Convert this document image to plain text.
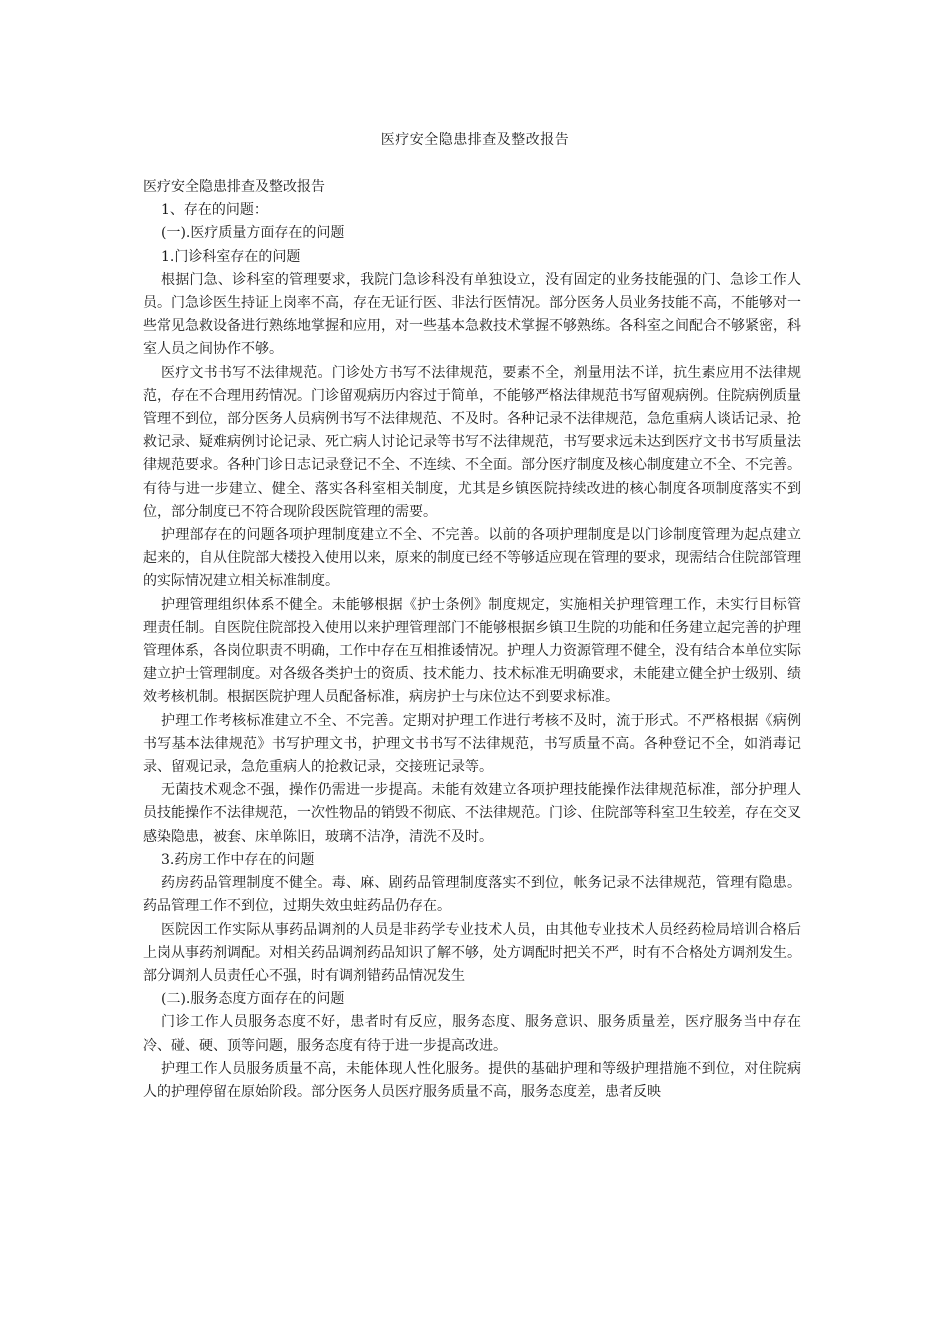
医疗安全隐患排查及整改报告

医疗安全隐患排查及整改报告

1、存在的问题：

(一).医疗质量方面存在的问题

1.门诊科室存在的问题

根据门急、诊科室的管理要求，我院门急诊科没有单独设立，没有固定的业务技能强的门、急诊工作人员。门急诊医生持证上岗率不高，存在无证行医、非法行医情况。部分医务人员业务技能不高，不能够对一些常见急救设备进行熟练地掌握和应用，对一些基本急救技术掌握不够熟练。各科室之间配合不够紧密，科室人员之间协作不够。

医疗文书书写不法律规范。门诊处方书写不法律规范，要素不全，剂量用法不详，抗生素应用不法律规范，存在不合理用药情况。门诊留观病历内容过于简单，不能够严格法律规范书写留观病例。住院病例质量管理不到位，部分医务人员病例书写不法律规范、不及时。各种记录不法律规范，急危重病人谈话记录、抢救记录、疑难病例讨论记录、死亡病人讨论记录等书写不法律规范，书写要求远未达到医疗文书书写质量法律规范要求。各种门诊日志记录登记不全、不连续、不全面。部分医疗制度及核心制度建立不全、不完善。有待与进一步建立、健全、落实各科室相关制度，尤其是乡镇医院持续改进的核心制度各项制度落实不到位，部分制度已不符合现阶段医院管理的需要。

护理部存在的问题各项护理制度建立不全、不完善。以前的各项护理制度是以门诊制度管理为起点建立起来的，自从住院部大楼投入使用以来，原来的制度已经不等够适应现在管理的要求，现需结合住院部管理的实际情况建立相关标准制度。

护理管理组织体系不健全。未能够根据《护士条例》制度规定，实施相关护理管理工作，未实行目标管理责任制。自医院住院部投入使用以来护理管理部门不能够根据乡镇卫生院的功能和任务建立起完善的护理管理体系，各岗位职责不明确，工作中存在互相推诿情况。护理人力资源管理不健全，没有结合本单位实际建立护士管理制度。对各级各类护士的资质、技术能力、技术标准无明确要求，未能建立健全护士级别、绩效考核机制。根据医院护理人员配备标准，病房护士与床位达不到要求标准。

护理工作考核标准建立不全、不完善。定期对护理工作进行考核不及时，流于形式。不严格根据《病例书写基本法律规范》书写护理文书，护理文书书写不法律规范，书写质量不高。各种登记不全，如消毒记录、留观记录，急危重病人的抢救记录，交接班记录等。

无菌技术观念不强，操作仍需进一步提高。未能有效建立各项护理技能操作法律规范标准，部分护理人员技能操作不法律规范，一次性物品的销毁不彻底、不法律规范。门诊、住院部等科室卫生较差，存在交叉感染隐患，被套、床单陈旧，玻璃不洁净，清洗不及时。

3.药房工作中存在的问题

药房药品管理制度不健全。毒、麻、剧药品管理制度落实不到位，帐务记录不法律规范，管理有隐患。药品管理工作不到位，过期失效虫蛀药品仍存在。

医院因工作实际从事药品调剂的人员是非药学专业技术人员，由其他专业技术人员经药检局培训合格后上岗从事药剂调配。对相关药品调剂药品知识了解不够，处方调配时把关不严，时有不合格处方调剂发生。部分调剂人员责任心不强，时有调剂错药品情况发生

(二).服务态度方面存在的问题

门诊工作人员服务态度不好，患者时有反应，服务态度、服务意识、服务质量差，医疗服务当中存在冷、碰、硬、顶等问题，服务态度有待于进一步提高改进。

护理工作人员服务质量不高，未能体现人性化服务。提供的基础护理和等级护理措施不到位，对住院病人的护理停留在原始阶段。部分医务人员医疗服务质量不高，服务态度差，患者反映
